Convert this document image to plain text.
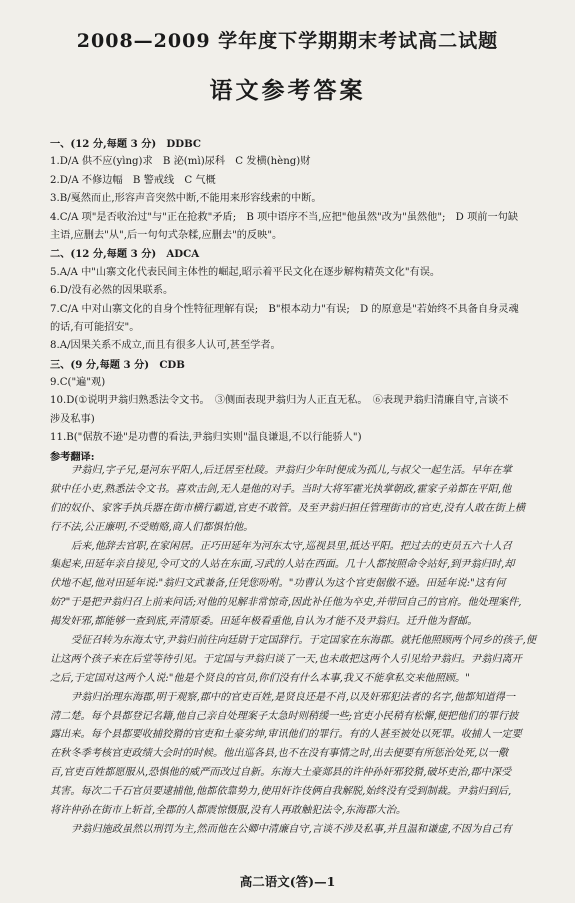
2008—2009 学年度下学期期末考试高二试题
语文参考答案
一、(12 分,每题 3 分)　DDBC
1.D/A 供不应(yìng)求　B 泌(mì)尿科　C 发横(hèng)财
2.D/A 不修边幅　B 警戒线　C 气概
3.B/戛然而止,形容声音突然中断,不能用来形容线索的中断。
4.C/A 项"是否收治过"与"正在抢救"矛盾;　B 项中语序不当,应把"他虽然"改为"虽然他";　D 项前一句缺
主语,应删去"从",后一句句式杂糅,应删去"的反映"。
二、(12 分,每题 3 分)　ADCA
5.A/A 中"山寨文化代表民间主体性的崛起,昭示着平民文化在逐步解构精英文化"有误。
6.D/没有必然的因果联系。
7.C/A 中对山寨文化的自身个性特征理解有误;　B"根本动力"有误;　D 的原意是"若始终不具备自身灵魂
的话,有可能招安"。
8.A/因果关系不成立,而且有很多人认可,甚至学者。
三、(9 分,每题 3 分)　CDB
9.C("遍"观)
10.D(①说明尹翁归熟悉法令文书。　③侧面表现尹翁归为人正直无私。　⑥表现尹翁归清廉自守,言谈不
涉及私事)
11.B("倨敖不逊"是功曹的看法,尹翁归实则"温良谦退,不以行能骄人")
参考翻译:
尹翁归,字子兄,是河东平阳人,后迁居至杜陵。尹翁归少年时便成为孤儿,与叔父一起生活。早年在掌
狱中任小吏,熟悉法令文书。喜欢击剑,无人是他的对手。当时大将军霍光执掌朝政,霍家子弟都在平阳,他
们的奴仆、家客手执兵器在街市横行霸道,官吏不敢管。及至尹翁归担任管理街市的官吏,没有人敢在街上横
行不法,公正廉明,不受贿赂,商人们都惧怕他。
后来,他辞去官职,在家闲居。正巧田延年为河东太守,巡视县里,抵达平阳。把过去的吏员五六十人召
集起来,田延年亲自接见,令可文的人站在东面,习武的人站在西面。几十人都按照命令站好,到尹翁归时,却
伏地不起,他对田延年说:"翁归文武兼备,任凭您吩咐。"功曹认为这个官吏倨傲不逊。田延年说:"这有何
妨?"于是把尹翁归召上前来问话;对他的见解非常惊奇,因此补任他为卒史,并带回自己的官府。他处理案件,
揭发奸邪,都能够一查到底,弄清原委。田延年极看重他,自认为才能不及尹翁归。迁升他为督邮。
受征召转为东海太守,尹翁归前往向廷尉于定国辞行。于定国家在东海郡。就托他照顾两个同乡的孩子,便
让这两个孩子来在后堂等待引见。于定国与尹翁归谈了一天,也未敢把这两个人引见给尹翁归。尹翁归离开
之后,于定国对这两个人说:"他是个贤良的官员,你们没有什么本事,我又不能拿私交来他照顾。"
尹翁归治理东海郡,明于观察,郡中的官吏百姓,是贤良还是不肖,以及奸邪犯法者的名字,他都知道得一
清二楚。每个县都登记名籍,他自己亲自处理案子太急时则稍缓一些;官吏小民稍有松懈,便把他们的罪行披
露出来。每个县都要收捕狡猾的官吏和土豪劣绅,审讯他们的罪行。有的人甚至被处以死罪。收捕人一定要
在秋冬季考核官吏政绩大会时的时候。他出巡各县,也不在没有事情之时,出去便要有所惩治处死,以一儆
百,官吏百姓都愿服从,恐惧他的威严而改过自新。东海大土豪郯县的许仲孙奸邪狡猾,破坏吏治,郡中深受
其害。每次二千石官员要逮捕他,他都依靠势力,使用奸诈伎俩自我解脱,始终没有受到制裁。尹翁归到后,
将许仲孙在街市上斩首,全郡的人都震惊慑服,没有人再敢触犯法令,东海郡大治。
尹翁归施政虽然以刑罚为主,然而他在公卿中清廉自守,言谈不涉及私事,并且温和谦虚,不因为自己有
高二语文(答)—1
